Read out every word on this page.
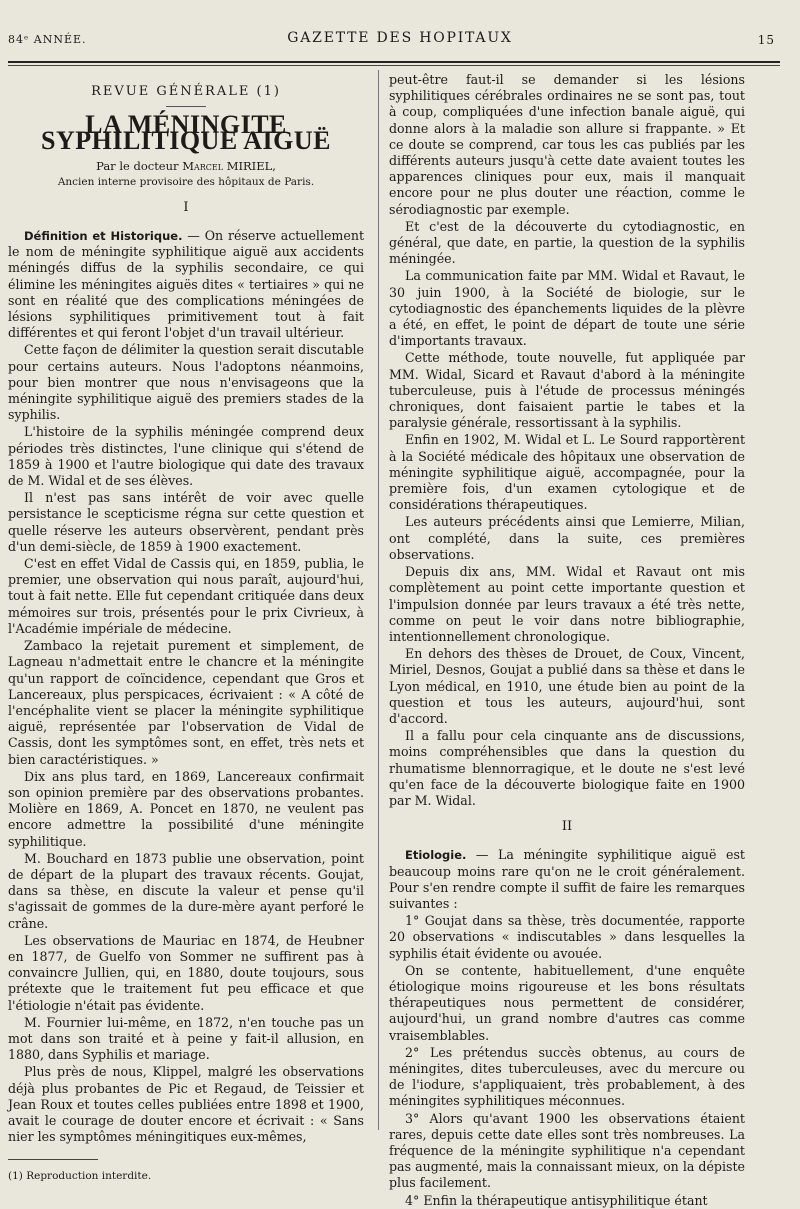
84ᵉ ANNÉE.	GAZETTE DES HOPITAUX	15
REVUE GÉNÉRALE (1)
LA MÉNINGITE SYPHILITIQUE AIGUË
Par le docteur Marcel MIRIEL,
Ancien interne provisoire des hôpitaux de Paris.
I

Définition et Historique. — On réserve actuellement le nom de méningite syphilitique aiguë aux accidents méningés diffus de la syphilis secondaire, ce qui élimine les méningites aiguës dites « tertiaires » qui ne sont en réalité que des complications méningées de lésions syphilitiques primitivement tout à fait différentes et qui feront l'objet d'un travail ultérieur.

Cette façon de délimiter la question serait discutable pour certains auteurs. Nous l'adoptons néanmoins, pour bien montrer que nous n'envisageons que la méningite syphilitique aiguë des premiers stades de la syphilis.

L'histoire de la syphilis méningée comprend deux périodes très distinctes, l'une clinique qui s'étend de 1859 à 1900 et l'autre biologique qui date des travaux de M. Widal et de ses élèves.

Il n'est pas sans intérêt de voir avec quelle persistance le scepticisme régna sur cette question et quelle réserve les auteurs observèrent, pendant près d'un demi-siècle, de 1859 à 1900 exactement.

C'est en effet Vidal de Cassis qui, en 1859, publia, le premier, une observation qui nous paraît, aujourd'hui, tout à fait nette. Elle fut cependant critiquée dans deux mémoires sur trois, présentés pour le prix Civrieux, à l'Académie impériale de médecine.

Zambaco la rejetait purement et simplement, de Lagneau n'admettait entre le chancre et la méningite qu'un rapport de coïncidence, cependant que Gros et Lancereaux, plus perspicaces, écrivaient : « A côté de l'encéphalite vient se placer la méningite syphilitique aiguë, représentée par l'observation de Vidal de Cassis, dont les symptômes sont, en effet, très nets et bien caractéristiques. »

Dix ans plus tard, en 1869, Lancereaux confirmait son opinion première par des observations probantes. Molière en 1869, A. Poncet en 1870, ne veulent pas encore admettre la possibilité d'une méningite syphilitique.

M. Bouchard en 1873 publie une observation, point de départ de la plupart des travaux récents. Goujat, dans sa thèse, en discute la valeur et pense qu'il s'agissait de gommes de la dure-mère ayant perforé le crâne.

Les observations de Mauriac en 1874, de Heubner en 1877, de Guelfo von Sommer ne suffirent pas à convaincre Jullien, qui, en 1880, doute toujours, sous prétexte que le traitement fut peu efficace et que l'étiologie n'était pas évidente.

M. Fournier lui-même, en 1872, n'en touche pas un mot dans son traité et à peine y fait-il allusion, en 1880, dans Syphilis et mariage.

Plus près de nous, Klippel, malgré les observations déjà plus probantes de Pic et Regaud, de Teissier et Jean Roux et toutes celles publiées entre 1898 et 1900, avait le courage de douter encore et écrivait : « Sans nier les symptômes méningitiques eux-mêmes,

(1) Reproduction interdite.

peut-être faut-il se demander si les lésions syphilitiques cérébrales ordinaires ne se sont pas, tout à coup, compliquées d'une infection banale aiguë, qui donne alors à la maladie son allure si frappante. » Et ce doute se comprend, car tous les cas publiés par les différents auteurs jusqu'à cette date avaient toutes les apparences cliniques pour eux, mais il manquait encore pour ne plus douter une réaction, comme le sérodiagnostic par exemple.

Et c'est de la découverte du cytodiagnostic, en général, que date, en partie, la question de la syphilis méningée.

La communication faite par MM. Widal et Ravaut, le 30 juin 1900, à la Société de biologie, sur le cytodiagnostic des épanchements liquides de la plèvre a été, en effet, le point de départ de toute une série d'importants travaux.

Cette méthode, toute nouvelle, fut appliquée par MM. Widal, Sicard et Ravaut d'abord à la méningite tuberculeuse, puis à l'étude de processus méningés chroniques, dont faisaient partie le tabes et la paralysie générale, ressortissant à la syphilis.

Enfin en 1902, M. Widal et L. Le Sourd rapportèrent à la Société médicale des hôpitaux une observation de méningite syphilitique aiguë, accompagnée, pour la première fois, d'un examen cytologique et de considérations thérapeutiques.

Les auteurs précédents ainsi que Lemierre, Milian, ont complété, dans la suite, ces premières observations.

Depuis dix ans, MM. Widal et Ravaut ont mis complètement au point cette importante question et l'impulsion donnée par leurs travaux a été très nette, comme on peut le voir dans notre bibliographie, intentionnellement chronologique.

En dehors des thèses de Drouet, de Coux, Vincent, Miriel, Desnos, Goujat a publié dans sa thèse et dans le Lyon médical, en 1910, une étude bien au point de la question et tous les auteurs, aujourd'hui, sont d'accord.

Il a fallu pour cela cinquante ans de discussions, moins compréhensibles que dans la question du rhumatisme blennorragique, et le doute ne s'est levé qu'en face de la découverte biologique faite en 1900 par M. Widal.

II

Etiologie. — La méningite syphilitique aiguë est beaucoup moins rare qu'on ne le croit généralement. Pour s'en rendre compte il suffit de faire les remarques suivantes :

1° Goujat dans sa thèse, très documentée, rapporte 20 observations « indiscutables » dans lesquelles la syphilis était évidente ou avouée.

On se contente, habituellement, d'une enquête étiologique moins rigoureuse et les bons résultats thérapeutiques nous permettent de considérer, aujourd'hui, un grand nombre d'autres cas comme vraisemblables.

2° Les prétendus succès obtenus, au cours de méningites, dites tuberculeuses, avec du mercure ou de l'iodure, s'appliquaient, très probablement, à des méningites syphilitiques méconnues.

3° Alors qu'avant 1900 les observations étaient rares, depuis cette date elles sont très nombreuses. La fréquence de la méningite syphilitique n'a cependant pas augmenté, mais la connaissant mieux, on la dépiste plus facilement.

4° Enfin la thérapeutique antisyphilitique étant
